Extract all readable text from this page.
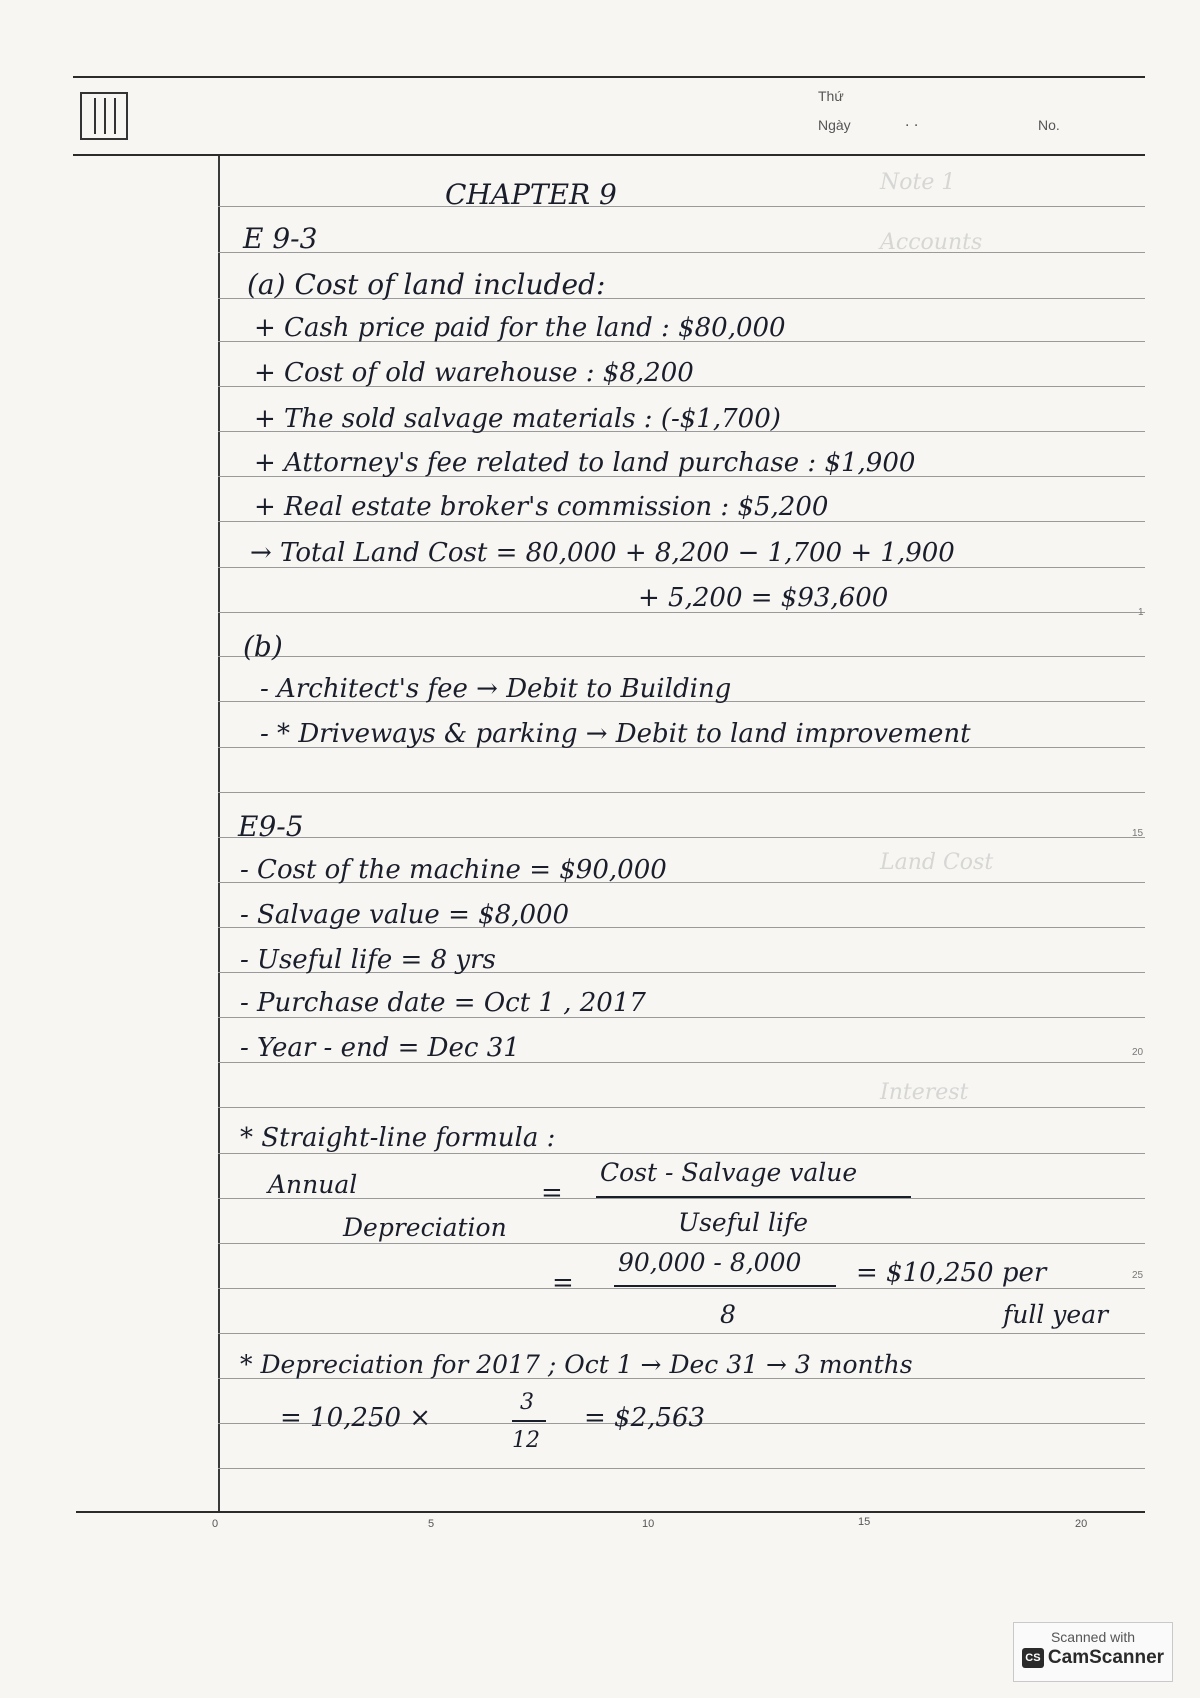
Thứ
Ngày	. .	No.
Note 1
Accounts
Land Cost
Interest
CHAPTER 9
E 9-3
(a) Cost of land included:
+ Cash price paid for the land : $80,000
+ Cost of old warehouse : $8,200
+ The sold salvage materials : (-$1,700)
+ Attorney's fee related to land purchase : $1,900
+ Real estate broker's commission : $5,200
→ Total Land Cost = 80,000 + 8,200 − 1,700 + 1,900
+ 5,200 = $93,600
(b)
- Architect's fee → Debit to Building
- * Driveways & parking → Debit to land improvement
E9-5
- Cost of the machine = $90,000
- Salvage value = $8,000
- Useful life = 8 yrs
- Purchase date = Oct 1 , 2017
- Year - end = Dec 31
* Straight-line formula :
Annual
Depreciation
=
Cost - Salvage value
Useful life
=
90,000 - 8,000
8
= $10,250 per
full year
* Depreciation for 2017 ; Oct 1 → Dec 31 → 3 months
= 10,250 ×
3
12
= $2,563
0	5	10	15	20
1
15
20
25
Scanned with
CS CamScanner
